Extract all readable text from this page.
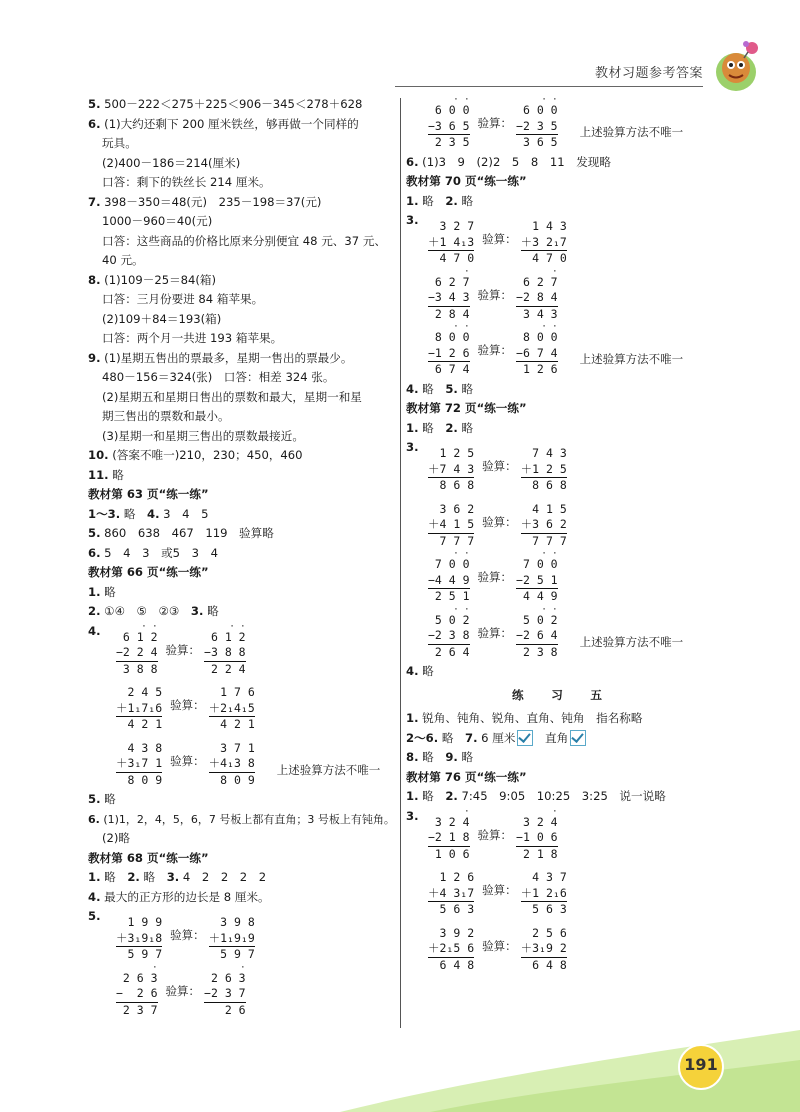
教材习题参考答案
5. 500－222＜275＋225＜906－345＜278＋628
6. (1)大约还剩下 200 厘米铁丝，够再做一个同样的
玩具。
(2)400－186＝214(厘米)
口答：剩下的铁丝长 214 厘米。
7. 398－350＝48(元)　235－198＝37(元)
1000－960＝40(元)
口答：这些商品的价格比原来分别便宜 48 元、37 元、
40 元。
8. (1)109－25＝84(箱)
口答：三月份要进 84 箱苹果。
(2)109＋84＝193(箱)
口答：两个月一共进 193 箱苹果。
9. (1)星期五售出的票最多，星期一售出的票最少。
480－156＝324(张)　口答：相差 324 张。
(2)星期五和星期日售出的票数和最大，星期一和星
期三售出的票数和最小。
(3)星期一和星期三售出的票数最接近。
10. (答案不唯一)210，230；450，460
11. 略
教材第 63 页“练一练”
1～3. 略　4. 3　4　5
5. 860　638　467　119　验算略
6. 5　4　3　或5　3　4
教材第 66 页“练一练”
1. 略
2. ①④　⑤　②③　3. 略
4.	· ·
6 1 2
−2 2 4
3 8 8
验算：
· ·
6 1 2
−3 8 8
2 2 4

2 4 5
＋1₁7₁6
4 2 1
验算：

1 7 6
＋2₁4₁5
4 2 1

4 3 8
＋3₁7 1
8 0 9
验算：

3 7 1
＋4₁3 8
8 0 9
上述验算方法不唯一
5. 略
6. (1)1，2，4，5，6，7 号板上都有直角；3 号板上有钝角。
(2)略
教材第 68 页“练一练”
1. 略　2. 略　3. 4　2　2　2　2
4. 最大的正方形的边长是 8 厘米。
5.
	1 9 9
＋3₁9₁8
5 9 7
验算：

3 9 8
＋1₁9₁9
5 9 7
·
2 6 3
−  2 6
2 3 7
验算：
·
2 6 3
−2 3 7
2 6
· ·
6 0 0
−3 6 5
2 3 5
验算：
· ·
6 0 0
−2 3 5
3 6 5
上述验算方法不唯一
6. (1)3　9　(2)2　5　8　11　发现略
教材第 70 页“练一练”
1. 略　2. 略
3.
	3 2 7
＋1 4₁3
4 7 0
验算：

1 4 3
＋3 2₁7
4 7 0
·
6 2 7
−3 4 3
2 8 4
验算：
·
6 2 7
−2 8 4
3 4 3
· ·
8 0 0
−1 2 6
6 7 4
验算：
· ·
8 0 0
−6 7 4
1 2 6
上述验算方法不唯一
4. 略　5. 略
教材第 72 页“练一练”
1. 略　2. 略
3.
	1 2 5
＋7 4 3
8 6 8
验算：

7 4 3
＋1 2 5
8 6 8

3 6 2
＋4 1 5
7 7 7
验算：

4 1 5
＋3 6 2
7 7 7
· ·
7 0 0
−4 4 9
2 5 1
验算：
· ·
7 0 0
−2 5 1
4 4 9
· ·
5 0 2
−2 3 8
2 6 4
验算：
· ·
5 0 2
−2 6 4
2 3 8
上述验算方法不唯一
4. 略
练　习　五
1. 锐角、钝角、锐角、直角、钝角　指名称略
2～6. 略　7. 6 厘米　直角
8. 略　9. 略
教材第 76 页“练一练”
1. 略　2. 7:45　9:05　10:25　3:25　说一说略
3.	·
3 2 4
−2 1 8
1 0 6
验算：
·
3 2 4
−1 0 6
2 1 8

1 2 6
＋4 3₁7
5 6 3
验算：

4 3 7
＋1 2₁6
5 6 3

3 9 2
＋2₁5 6
6 4 8
验算：

2 5 6
＋3₁9 2
6 4 8
191
